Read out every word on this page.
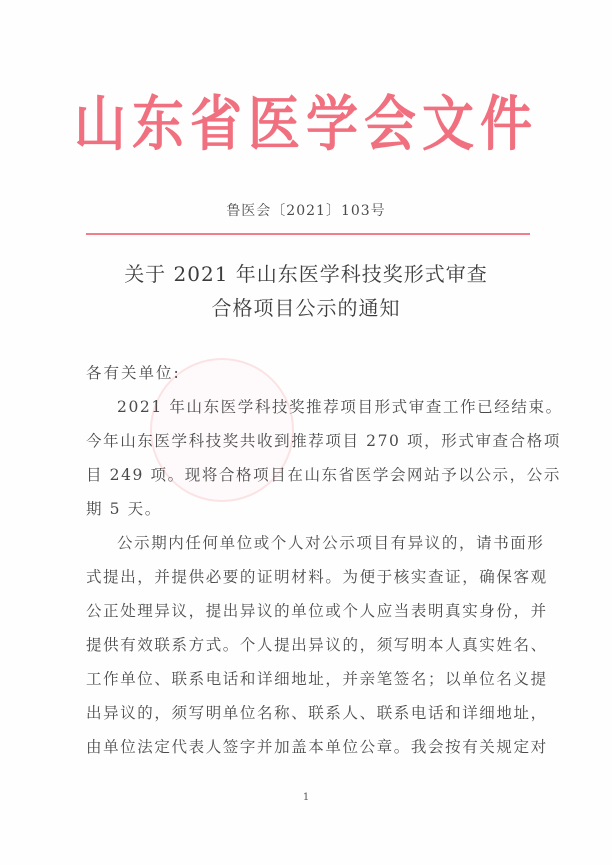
山东省医学会文件
鲁医会〔2021〕103号
关于 2021 年山东医学科技奖形式审查
合格项目公示的通知
各有关单位:
2021 年山东医学科技奖推荐项目形式审查工作已经结束。
今年山东医学科技奖共收到推荐项目 270 项，形式审查合格项
目 249 项。现将合格项目在山东省医学会网站予以公示，公示
期 5 天。
公示期内任何单位或个人对公示项目有异议的，请书面形
式提出，并提供必要的证明材料。为便于核实查证，确保客观
公正处理异议，提出异议的单位或个人应当表明真实身份，并
提供有效联系方式。个人提出异议的，须写明本人真实姓名、
工作单位、联系电话和详细地址，并亲笔签名；以单位名义提
出异议的，须写明单位名称、联系人、联系电话和详细地址，
由单位法定代表人签字并加盖本单位公章。我会按有关规定对
1
